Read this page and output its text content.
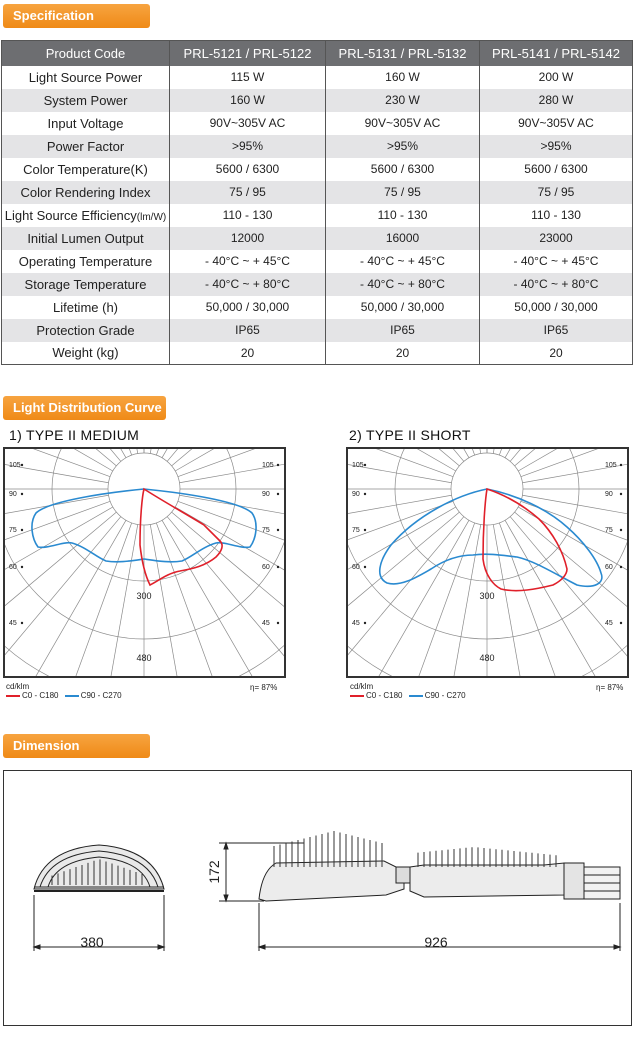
Specification
Product Code	PRL-5121 / PRL-5122	PRL-5131 / PRL-5132	PRL-5141 / PRL-5142
Light Source Power	115 W	160 W	200 W
System Power	160 W	230 W	280 W
Input Voltage	90V~305V AC	90V~305V AC	90V~305V AC
Power Factor	>95%	>95%	>95%
Color Temperature(K)	5600 / 6300	5600 / 6300	5600 / 6300
Color Rendering Index	75 / 95	75 / 95	75 / 95
Light Source Efficiency(lm/W)	110 - 130	110 - 130	110 - 130
Initial Lumen Output	12000	16000	23000
Operating Temperature	- 40°C ~ + 45°C	- 40°C ~ + 45°C	- 40°C ~ + 45°C
Storage Temperature	- 40°C ~ + 80°C	- 40°C ~ + 80°C	- 40°C ~ + 80°C
Lifetime (h)	50,000 / 30,000	50,000 / 30,000	50,000 / 30,000
Protection Grade	IP65	IP65	IP65
Weight (kg)	20	20	20
Light Distribution Curve
1) TYPE II MEDIUM	2) TYPE II SHORT
105
90
75
60
45
105
90
75
60
45
300
480
105
90
75
60
45
105
90
75
60
45
300
480
cd/klm
C0 - C180	C90 - C270
η= 87%	cd/klm
C0 - C180	C90 - C270
η= 87%
Dimension
380	926
172
